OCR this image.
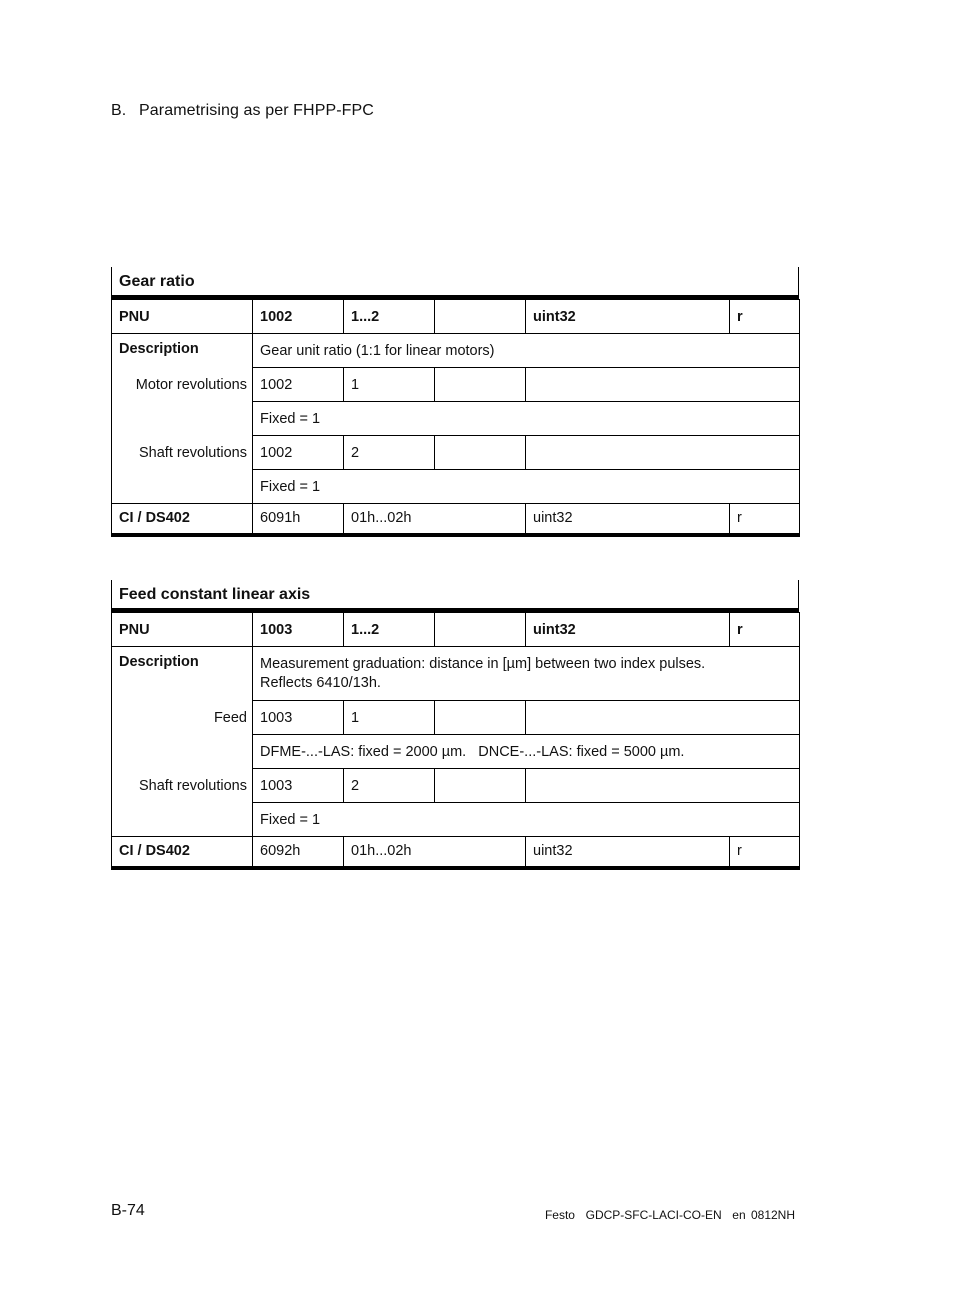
B. Parametrising as per FHPP-FPC
Gear ratio
PNU	1002	1...2		uint32	r
Description	Gear unit ratio (1:1 for linear motors)				
Motor revolutions	1002	1			
	Fixed = 1				
Shaft revolutions	1002	2			
	Fixed = 1				
CI / DS402	6091h	01h...02h		uint32	r
Feed constant linear axis
PNU	1003	1...2		uint32	r
Description	Measurement graduation: distance in [µm] between two index pulses.
Reflects 6410/13h.				

Feed	1003	1			
	DFME-...-LAS: fixed = 2000 µm.   DNCE-...-LAS: fixed = 5000 µm.				
Shaft revolutions	1003	2			
	Fixed = 1				
CI / DS402	6092h	01h...02h		uint32	r
B-74	Festo  GDCP-SFC-LACI-CO-EN  en 0812NH
